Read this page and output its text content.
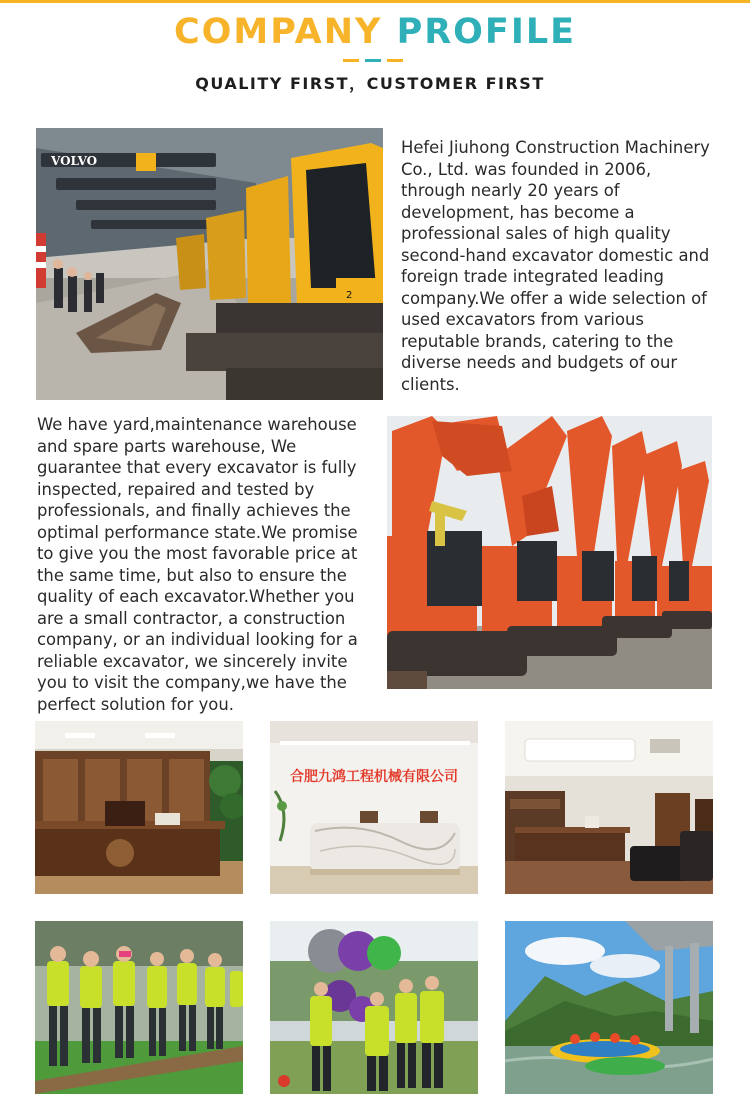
COMPANY PROFILE
QUALITY FIRST，CUSTOMER FIRST
VOLVO
2
Hefei Jiuhong Construction Machinery Co., Ltd. was founded in 2006, through nearly 20 years of development, has become a professional sales of high quality second-hand excavator domestic and foreign trade integrated leading company.We offer a wide selection of used excavators from various reputable brands, catering to the diverse needs and budgets of our clients.
We have yard,maintenance warehouse and spare parts warehouse, We guarantee that every excavator is fully inspected, repaired and tested by professionals, and finally achieves the optimal performance state.We promise to give you the most favorable price at the same time, but also to ensure the quality of each excavator.Whether you are a small contractor, a construction company, or an individual looking for a reliable excavator, we sincerely invite you to visit the company,we have the perfect solution for you.
合肥九鸿工程机械有限公司
